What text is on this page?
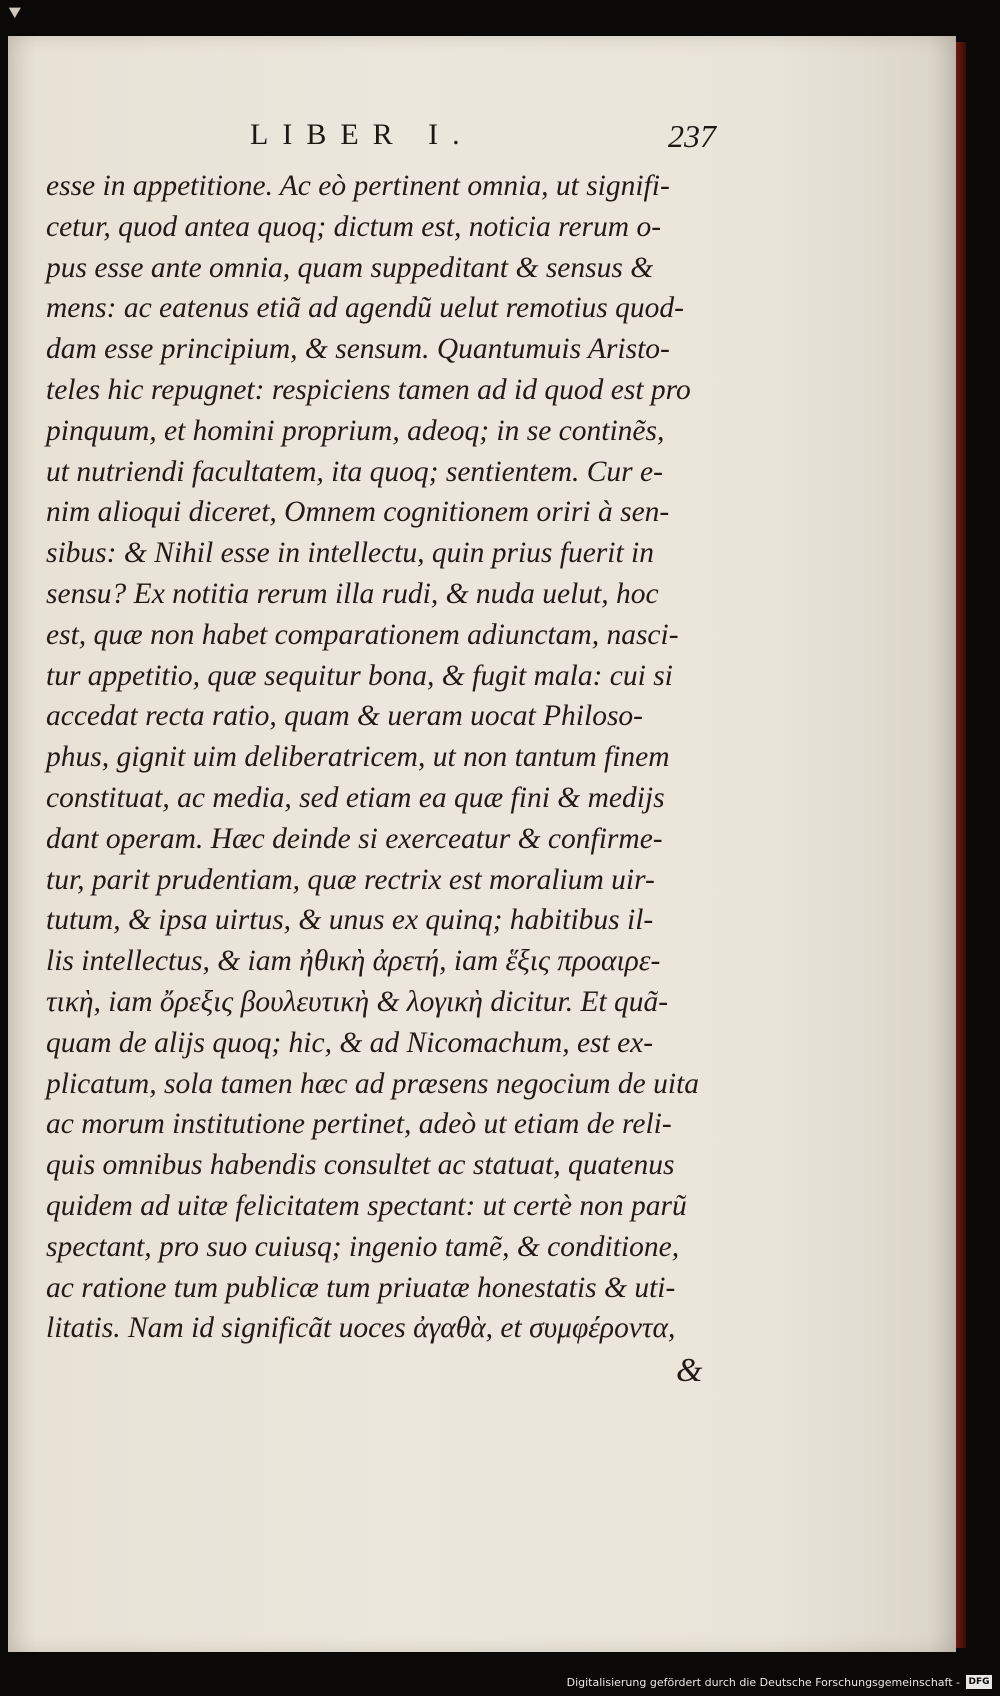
⯆
LIBER I.	237
esse in appetitione. Ac eò pertinent omnia, ut signifi-
cetur, quod antea quoq; dictum est, noticia rerum o-
pus esse ante omnia, quam suppeditant & sensus &
mens: ac eatenus etiã ad agendũ uelut remotius quod-
dam esse principium, & sensum. Quantumuis Aristo-
teles hic repugnet: respiciens tamen ad id quod est pro
pinquum, et homini proprium, adeoq; in se continẽs,
ut nutriendi facultatem, ita quoq; sentientem. Cur e-
nim alioqui diceret, Omnem cognitionem oriri à sen-
sibus: & Nihil esse in intellectu, quin prius fuerit in
sensu? Ex notitia rerum illa rudi, & nuda uelut, hoc
est, quæ non habet comparationem adiunctam, nasci-
tur appetitio, quæ sequitur bona, & fugit mala: cui si
accedat recta ratio, quam & ueram uocat Philoso-
phus, gignit uim deliberatricem, ut non tantum finem
constituat, ac media, sed etiam ea quæ fini & medijs
dant operam. Hæc deinde si exerceatur & confirme-
tur, parit prudentiam, quæ rectrix est moralium uir-
tutum, & ipsa uirtus, & unus ex quinq; habitibus il-
lis intellectus, & iam ἠθικὴ ἀρετή, iam ἕξις προαιρε-
τικὴ, iam ὄρεξις βουλευτικὴ & λογικὴ dicitur. Et quã-
quam de alijs quoq; hic, & ad Nicomachum, est ex-
plicatum, sola tamen hæc ad præsens negocium de uita
ac morum institutione pertinet, adeò ut etiam de reli-
quis omnibus habendis consultet ac statuat, quatenus
quidem ad uitæ felicitatem spectant: ut certè non parũ
spectant, pro suo cuiusq; ingenio tamẽ, & conditione,
ac ratione tum publicæ tum priuatæ honestatis & uti-
litatis. Nam id significãt uoces ἀγαθὰ, et συμφέροντα,
&
Digitalisierung gefördert durch die Deutsche Forschungsgemeinschaft - DFG
